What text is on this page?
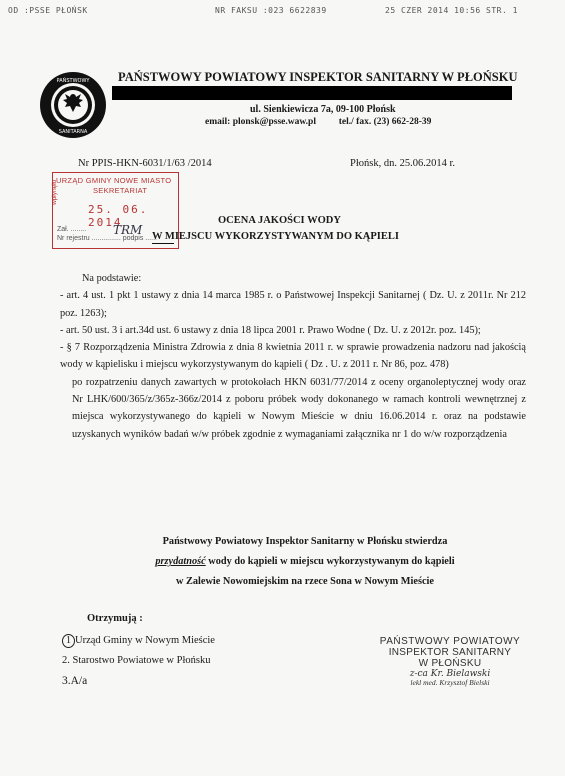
OD :PSSE PŁOŃSK	NR FAKSU :023 6622839	25 CZER 2014 10:56 STR. 1
PAŃSTWOWY
SANITARNA
PAŃSTWOWY POWIATOWY INSPEKTOR SANITARNY W PŁOŃSKU
ul. Sienkiewicza 7a, 09-100 Płońsk
email: plonsk@psse.waw.pl tel./ fax. (23) 662-28-39
Nr PPIS-HKN-6031/1/63 /2014	Płońsk, dn. 25.06.2014 r.
URZĄD GMINY NOWE MIASTO
SEKRETARIAT
wpłynęło
25. 06. 2014
Zał. ........
Nr rejestru ............... podpis ......
TRM
OCENA JAKOŚCI WODY
W MIEJSCU WYKORZYSTYWANYM DO KĄPIELI

Na podstawie:

- art. 4 ust. 1 pkt 1 ustawy z dnia 14 marca 1985 r. o Państwowej Inspekcji Sanitarnej ( Dz. U. z 2011r. Nr 212 poz. 1263);

- art. 50 ust. 3 i art.34d ust. 6 ustawy z dnia 18 lipca 2001 r. Prawo Wodne ( Dz. U. z 2012r. poz. 145);

- § 7 Rozporządzenia Ministra Zdrowia z dnia 8 kwietnia 2011 r. w sprawie prowadzenia nadzoru nad jakością wody w kąpielisku i miejscu wykorzystywanym do kąpieli ( Dz . U. z 2011 r. Nr 86, poz. 478)

po rozpatrzeniu danych zawartych w protokołach HKN 6031/77/2014 z oceny organoleptycznej wody oraz Nr LHK/600/365/z/365z-366z/2014 z poboru próbek wody dokonanego w ramach kontroli wewnętrznej z miejsca wykorzystywanego do kąpieli w Nowym Mieście w dniu 16.06.2014 r. oraz na podstawie uzyskanych wyników badań w/w próbek zgodnie z wymaganiami załącznika nr 1 do w/w rozporządzenia

Państwowy Powiatowy Inspektor Sanitarny w Płońsku stwierdza
przydatność wody do kąpieli w miejscu wykorzystywanym do kąpieli
w Zalewie Nowomiejskim na rzece Sona w Nowym Mieście
Otrzymują :
1 Urząd Gminy w Nowym Mieście
2. Starostwo Powiatowe w Płońsku
3.A/a
PAŃSTWOWY POWIATOWY
INSPEKTOR SANITARNY
W PŁOŃSKU
z-ca Kr. Bielawski
lekl med. Krzysztof Bielski
